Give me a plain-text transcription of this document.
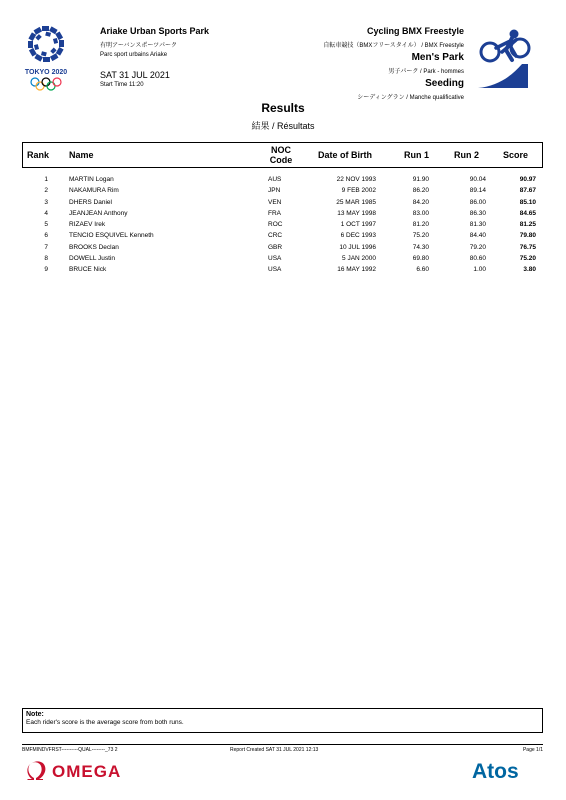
TOKYO 2020
Ariake Urban Sports Park
有明アーバンスポーツパーク
Parc sport urbains Ariake
SAT 31 JUL 2021
Start Time 11:20
Cycling BMX Freestyle
自転車競技（BMXフリースタイル） / BMX Freestyle
Men's Park
男子パーク / Park - hommes
Seeding
シーディングラン / Manche qualificative
Results
結果 / Résultats
Rank Name	NOC
Code	Date of Birth	Run 1	Run 2	Score
1	MARTIN Logan	AUS	22 NOV 1993	91.90	90.04	90.97
2	NAKAMURA Rim	JPN	9 FEB 2002	86.20	89.14	87.67
3	DHERS Daniel	VEN	25 MAR 1985	84.20	86.00	85.10
4	JEANJEAN Anthony	FRA	13 MAY 1998	83.00	86.30	84.65
5	RIZAEV Irek	ROC	1 OCT 1997	81.20	81.30	81.25
6	TENCIO ESQUIVEL Kenneth	CRC	6 DEC 1993	75.20	84.40	79.80
7	BROOKS Declan	GBR	10 JUL 1996	74.30	79.20	76.75
8	DOWELL Justin	USA	5 JAN 2000	69.80	80.60	75.20
9	BRUCE Nick	USA	16 MAY 1992	6.60	1.00	3.80
Note:
Each rider's score is the average score from both runs.
BMFMINDVFRST----------QUAL--------_73 2	Report Created SAT 31 JUL 2021 12:13	Page 1/1
OMEGA	Atos
